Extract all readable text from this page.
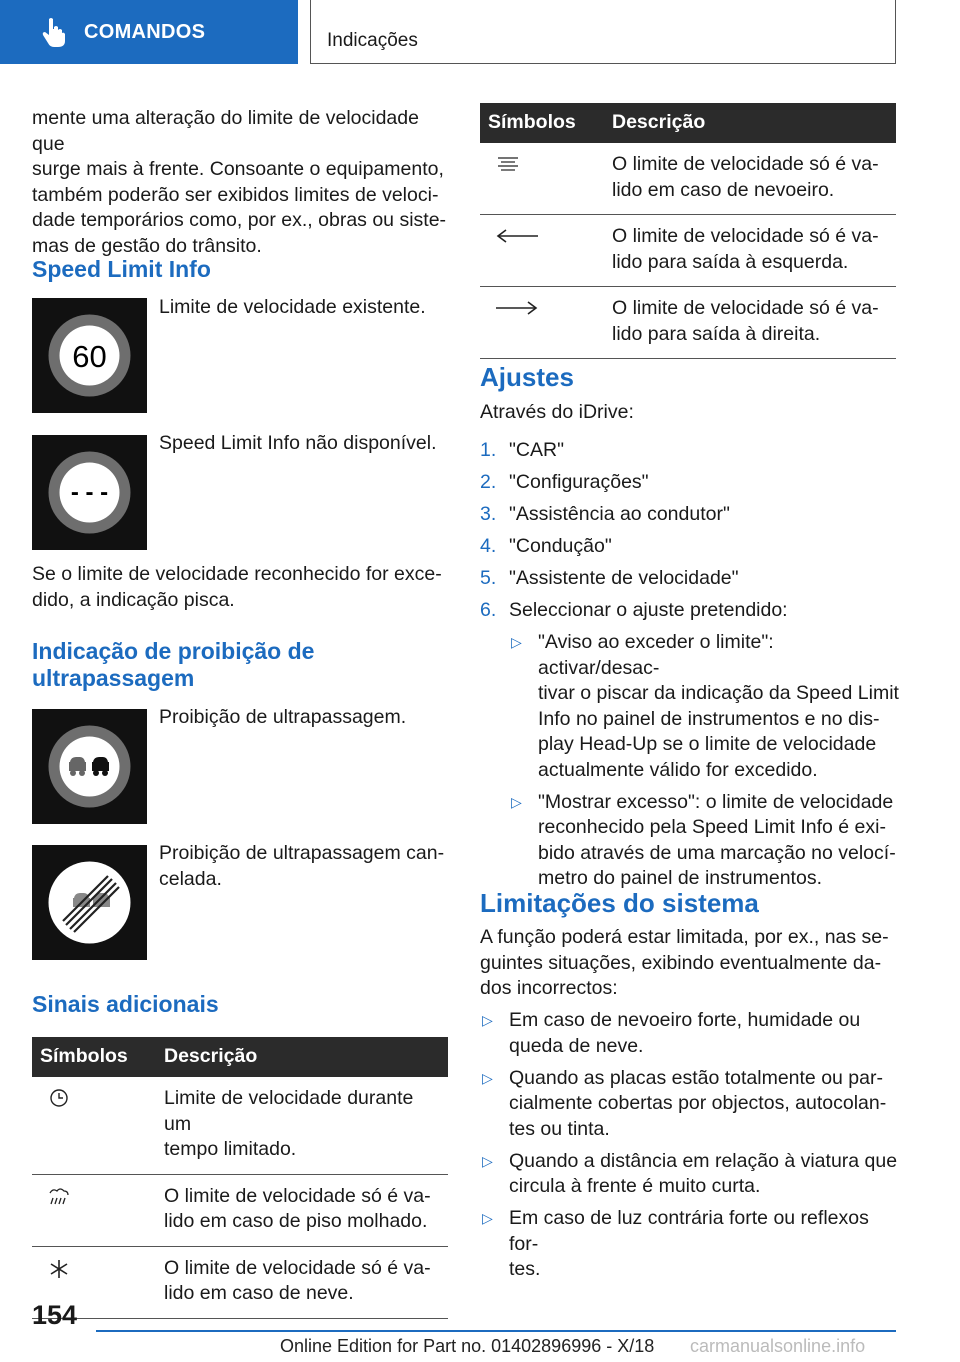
COMANDOS	Indicações

mente uma alteração do limite de velocidade que

surge mais à frente. Consoante o equipamento,

também poderão ser exibidos limites de veloci-

dade temporários como, por ex., obras ou siste-

mas de gestão do trânsito.

Speed Limit Info
60
Limite de velocidade existente.
- - -
Speed Limit Info não disponível.

Se o limite de velocidade reconhecido for exce-

dido, a indicação pisca.

Indicação de proibição de

ultrapassagem

Proibição de ultrapassagem.
Proibição de ultrapassagem can-
celada.
Sinais adicionais
Símbolos	Descrição

Limite de velocidade durante um
tempo limitado.

O limite de velocidade só é va-
lido em caso de piso molhado.

O limite de velocidade só é va-
lido em caso de neve.
Símbolos	Descrição

O limite de velocidade só é va-
lido em caso de nevoeiro.

O limite de velocidade só é va-
lido para saída à esquerda.

O limite de velocidade só é va-
lido para saída à direita.
Ajustes
Através do iDrive:
1. "CAR"
2. "Configurações"
3. "Assistência ao condutor"
4. "Condução"
5. "Assistente de velocidade"
6. Seleccionar o ajuste pretendido:
▷ "Aviso ao exceder o limite": activar/desac-
tivar o piscar da indicação da Speed Limit
Info no painel de instrumentos e no dis-
play Head-Up se o limite de velocidade
actualmente válido for excedido.
▷ "Mostrar excesso": o limite de velocidade
reconhecido pela Speed Limit Info é exi-
bido através de uma marcação no velocí-
metro do painel de instrumentos.
Limitações do sistema

A função poderá estar limitada, por ex., nas se-

guintes situações, exibindo eventualmente da-

dos incorrectos:

▷ Em caso de nevoeiro forte, humidade ou
queda de neve.
▷ Quando as placas estão totalmente ou par-
cialmente cobertas por objectos, autocolan-
tes ou tinta.
▷ Quando a distância em relação à viatura que
circula à frente é muito curta.
▷ Em caso de luz contrária forte ou reflexos for-
tes.
154
Online Edition for Part no. 01402896996 - X/18 carmanualsonline.info
